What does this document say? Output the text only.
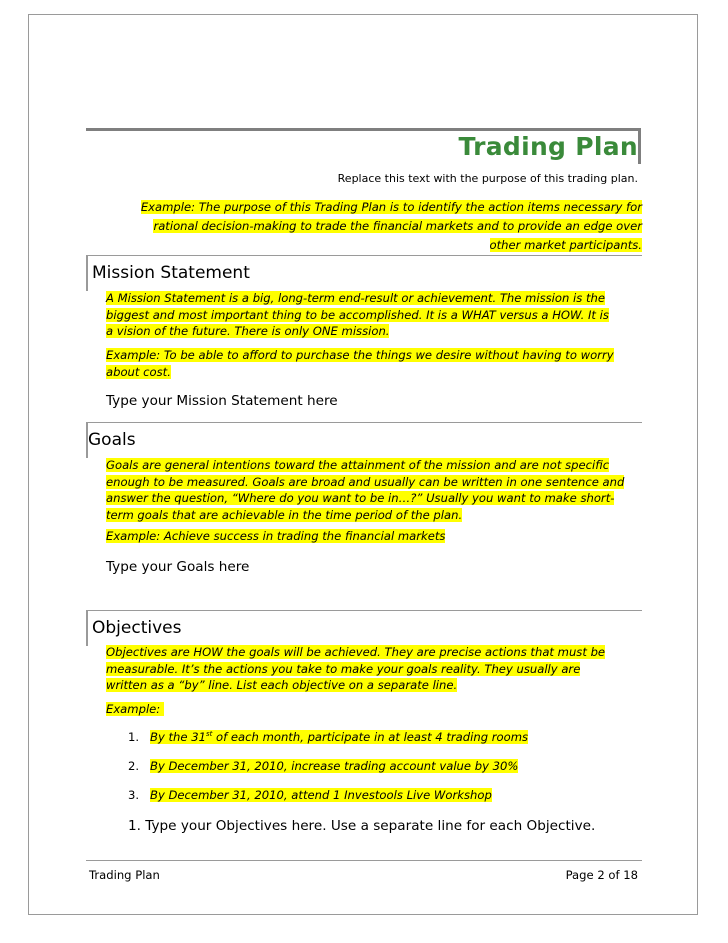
Trading Plan
Replace this text with the purpose of this trading plan.
Example: The purpose of this Trading Plan is to identify the action items necessary for
rational decision-making to trade the financial markets and to provide an edge over
other market participants.
Mission Statement
A Mission Statement is a big, long-term end-result or achievement. The mission is the
biggest and most important thing to be accomplished. It is a WHAT versus a HOW. It is
a vision of the future. There is only ONE mission.
Example: To be able to afford to purchase the things we desire without having to worry
about cost.
Type your Mission Statement here
Goals
Goals are general intentions toward the attainment of the mission and are not specific
enough to be measured. Goals are broad and usually can be written in one sentence and
answer the question, “Where do you want to be in…?” Usually you want to make short-
term goals that are achievable in the time period of the plan.
Example: Achieve success in trading the financial markets
Type your Goals here
Objectives
Objectives are HOW the goals will be achieved. They are precise actions that must be
measurable. It’s the actions you take to make your goals reality. They usually are
written as a “by” line. List each objective on a separate line.
Example:
1. By the 31st of each month, participate in at least 4 trading rooms
2. By December 31, 2010, increase trading account value by 30%
3. By December 31, 2010, attend 1 Investools Live Workshop
1. Type your Objectives here. Use a separate line for each Objective.
Trading Plan	Page 2 of 18
